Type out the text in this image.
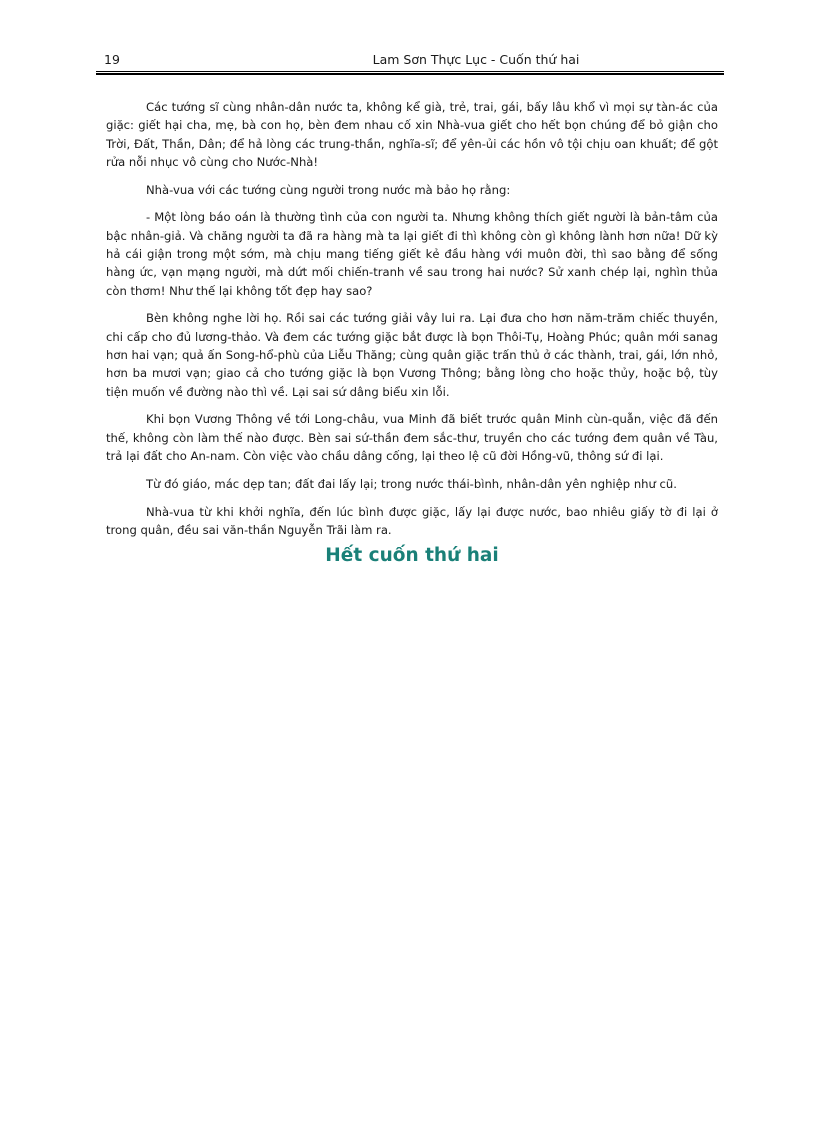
19	Lam Sơn Thực Lục - Cuốn thứ hai

Các tướng sĩ cùng nhân-dân nước ta, không kể già, trẻ, trai, gái, bấy lâu khổ vì mọi sự tàn-ác của giặc: giết hại cha, mẹ, bà con họ, bèn đem nhau cố xin Nhà-vua giết cho hết bọn chúng để bỏ giận cho Trời, Đất, Thần, Dân; để hả lòng các trung-thần, nghĩa-sĩ; để yên-ủi các hồn vô tội chịu oan khuất; để gột rửa nỗi nhục vô cùng cho Nước-Nhà!

Nhà-vua với các tướng cùng người trong nước mà bảo họ rằng:

- Một lòng báo oán là thường tình của con người ta. Nhưng không thích giết người là bản-tâm của bậc nhân-giả. Và chăng người ta đã ra hàng mà ta lại giết đi thì không còn gì không lành hơn nữa! Dữ kỳ hả cái giận trong một sớm, mà chịu mang tiếng giết kẻ đầu hàng với muôn đời, thì sao bằng để sống hàng ức, vạn mạng người, mà dứt mối chiến-tranh về sau trong hai nước? Sử xanh chép lại, nghìn thủa còn thơm! Như thế lại không tốt đẹp hay sao?

Bèn không nghe lời họ. Rồi sai các tướng giải vây lui ra. Lại đưa cho hơn năm-trăm chiếc thuyền, chi cấp cho đủ lương-thảo. Và đem các tướng giặc bắt được là bọn Thôi-Tụ, Hoàng Phúc; quân mới sanag hơn hai vạn; quả ấn Song-hổ-phù của Liễu Thăng; cùng quân giặc trấn thủ ở các thành, trai, gái, lớn nhỏ, hơn ba mươi vạn; giao cả cho tướng giặc là bọn Vương Thông; bằng lòng cho hoặc thủy, hoặc bộ, tùy tiện muốn về đường nào thì về. Lại sai sứ dâng biểu xin lỗi.

Khi bọn Vương Thông về tới Long-châu, vua Minh đã biết trước quân Minh cùn-quẫn, việc đã đến thế, không còn làm thế nào được. Bèn sai sứ-thần đem sắc-thư, truyền cho các tướng đem quân về Tàu, trả lại đất cho An-nam. Còn việc vào chầu dâng cống, lại theo lệ cũ đời Hồng-vũ, thông sứ đi lại.

Từ đó giáo, mác dẹp tan; đất đai lấy lại; trong nước thái-bình, nhân-dân yên nghiệp như cũ.

Nhà-vua từ khi khởi nghĩa, đến lúc bình được giặc, lấy lại được nước, bao nhiêu giấy tờ đi lại ở trong quân, đều sai văn-thần Nguyễn Trãi làm ra.

Hết cuốn thứ hai
